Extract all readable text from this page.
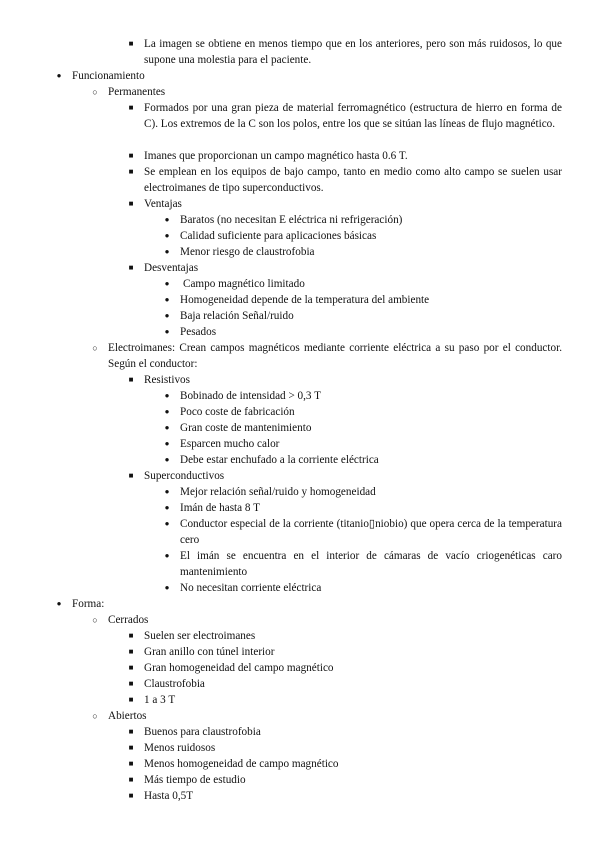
■ La imagen se obtiene en menos tiempo que en los anteriores, pero son más ruidosos, lo que supone una molestia para el paciente.
● Funcionamiento
○ Permanentes
■ Formados por una gran pieza de material ferromagnético (estructura de hierro en forma de C). Los extremos de la C son los polos, entre los que se sitúan las líneas de flujo magnético.
■ Imanes que proporcionan un campo magnético hasta 0.6 T.
■ Se emplean en los equipos de bajo campo, tanto en medio como alto campo se suelen usar electroimanes de tipo superconductivos.
■ Ventajas
● Baratos (no necesitan E eléctrica ni refrigeración)
● Calidad suficiente para aplicaciones básicas
● Menor riesgo de claustrofobia
■ Desventajas
●	Campo magnético limitado
● Homogeneidad depende de la temperatura del ambiente
● Baja relación Señal/ruido
● Pesados
○ Electroimanes: Crean campos magnéticos mediante corriente eléctrica a su paso por el conductor. Según el conductor:
■ Resistivos
● Bobinado de intensidad > 0,3 T
● Poco coste de fabricación
● Gran coste de mantenimiento
● Esparcen mucho calor
● Debe estar enchufado a la corriente eléctrica
■ Superconductivos
● Mejor relación señal/ruido y homogeneidad
● Imán de hasta 8 T
● Conductor especial de la corriente (titanio▯niobio) que opera cerca de la temperatura cero
● El imán se encuentra en el interior de cámaras de vacío criogenéticas caro mantenimiento
● No necesitan corriente eléctrica
● Forma:
○ Cerrados
■ Suelen ser electroimanes
■ Gran anillo con túnel interior
■ Gran homogeneidad del campo magnético
■ Claustrofobia
■ 1 a 3 T
○ Abiertos
■ Buenos para claustrofobia
■ Menos ruidosos
■ Menos homogeneidad de campo magnético
■ Más tiempo de estudio
■ Hasta 0,5T
